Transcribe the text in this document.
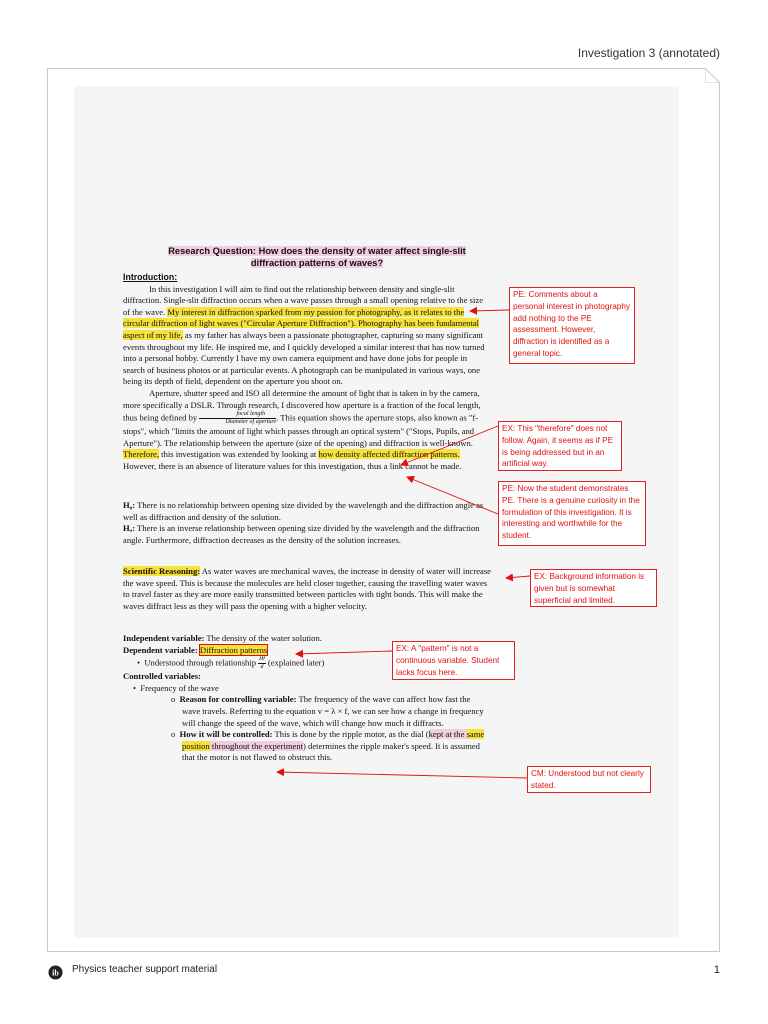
Investigation 3 (annotated)
Research Question: How does the density of water affect single-slit
diffraction patterns of waves?

Introduction:

In this investigation I will aim to find out the relationship between density and single-slit diffraction. Single-slit diffraction occurs when a wave passes through a small opening relative to the size of the wave. My interest in diffraction sparked from my passion for photography, as it relates to the circular diffraction of light waves ("Circular Aperture Diffraction"). Photography has been fundamental aspect of my life, as my father has always been a passionate photographer, capturing so many significant events throughout my life. He inspired me, and I quickly developed a similar interest that has now turned into a personal hobby. Currently I have my own camera equipment and have done jobs for people in search of business photos or at particular events. A photograph can be manipulated in various ways, one being its depth of field, dependent on the aperture you shoot on.

Aperture, shutter speed and ISO all determine the amount of light that is taken in by the camera, more specifically a DSLR. Through research, I discovered how aperture is a fraction of the focal length, thus being defined by $\frac{\text{focal length}}{\text{Diameter of aperture}}$ . This equation shows the aperture stops, also known as "f-stops", which "limits the amount of light which passes through an optical system" ("Stops, Pupils, and Aperture"). The relationship between the aperture (size of the opening) and diffraction is well-known. Therefore, this investigation was extended by looking at how density affected diffraction patterns. However, there is an absence of literature values for this investigation, thus a link cannot be made.

H₀: There is no relationship between opening size divided by the wavelength and the diffraction angle as well as diffraction and density of the solution.

Hₐ: There is an inverse relationship between opening size divided by the wavelength and the diffraction angle. Furthermore, diffraction decreases as the density of the solution increases.

Scientific Reasoning: As water waves are mechanical waves, the increase in density of water will increase the wave speed. This is because the molecules are held closer together, causing the travelling water waves to travel faster as they are more easily transmitted between particles with tight bonds. This will make the waves diffract less as they will pass the opening with a higher velocity.

Independent variable: The density of the water solution.

Dependent variable: Diffraction patterns

•  Understood through relationship $\frac{\lambda\theta}{d}$ (explained later)

Controlled variables:

•  Frequency of the wave

o  Reason for controlling variable: The frequency of the wave can affect how fast the wave travels. Referring to the equation v = λ × f, we can see how a change in frequency will change the speed of the wave, which will change how much it diffracts.

o  How it will be controlled: This is done by the ripple motor, as the dial (kept at the same position throughout the experiment) determines the ripple maker's speed. It is assumed that the motor is not flawed to obstruct this.

PE: Comments about a personal interest in photography add nothing to the PE assessment. However, diffraction is identified as a general topic.
EX: This "therefore" does not follow. Again, it seems as if PE is being addressed but in an artificial way.
PE: Now the student demonstrates PE. There is a genuine curiosity in the formulation of this investigation. It is interesting and worthwhile for the student.
EX: Background information is given but is somewhat superficial and limited.
EX: A "pattern" is not a continuous variable. Student lacks focus here.
CM: Understood but not clearly stated.
ib Physics teacher support material	1
